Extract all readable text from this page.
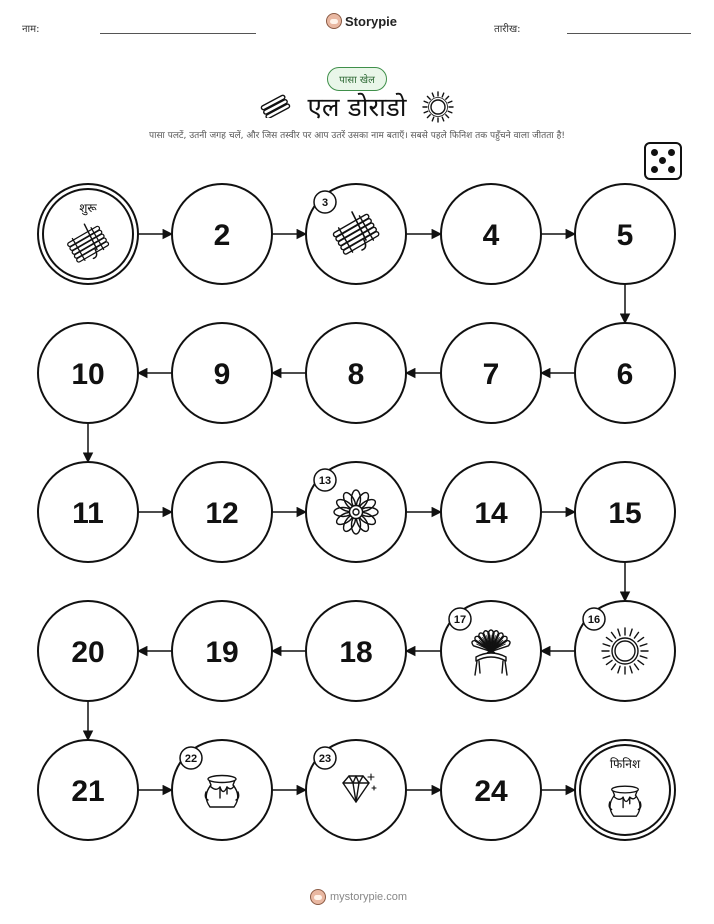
नाम:
Storypie
तारीख:
पासा खेल
एल डोराडो
पासा पलटें, उतनी जगह चलें, और जिस तस्वीर पर आप उतरें उसका नाम बताएँ। सबसे पहले फिनिश तक पहुँचने वाला जीतता है!
शुरू
2
3
4	5
6
7
8
9
10
11	12
13
14	15
16
17
18
19
20
21
22	23
24
फिनिश
mystorypie.com
